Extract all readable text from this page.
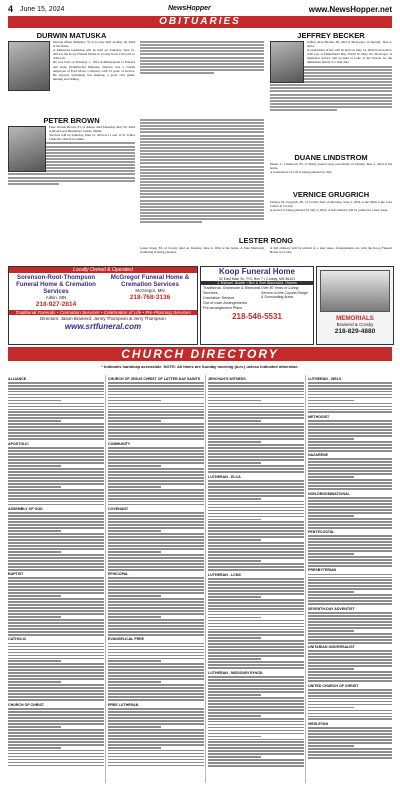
4 June 15, 2024	NewsHopper	www.NewsHopper.net
OBITUARIES
DURWIN MATUSKA

Durwin Albert Matuska, 70, of Crosby died on May 18, 2024 at his home.

A Memorial Gathering will be held on Saturday, June 15, 2024 at the Koop Funeral Home in Crosby from 1:00 p.m. to 4:00 p.m.

He was born on February 1, 1954 in Minneapolis to Edward and Irene (Kimbrecht) Matuska. Durwin was a retired employee of Ford Motor Company with 33 years of service. He enjoyed gardening, bee keeping, a good card game, hunting and fishing.

JEFFREY BECKER

Jeffrey Alan Becker, 69, died at McGregor on Sunday, June 4, 2024.

A celebration of life will be held on June 14, 2024 from 2:00 to 4:00 p.m. at Fisherman's Bay, 35195 St. Hwy. 65, McGregor. A memorial service will be held at Lake of the Woods for the immediate family at a later date.

PETER BROWN

Peter Warren Brown, 81, of Aitkin, died Thursday, May 30, 2024 at Riverwood Healthcare Center, Aitkin.

Services will be Saturday, June 15, 2024 at 11 a.m. at St. John's Lutheran Church in Aitkin.

DUANE LINDSTROM

Duane C. Lindstrom, 85, of Emily passed away peacefully on Sunday, June 2, 2024 at his home.

A Celebration of Life is being planned for July.

VERNICE GRUGRICH

Vernice M. Grugrich, 99, of Crosby died on Monday, June 3, 2024 at the Mills Lake Care Center in Crosby.

A service is being planned for July 5, 2024. A full obituary will be printed in a later issue.

LESTER RONG

Lester Rong, 83, of Crosby died on Tuesday, June 4, 2024 at his home. A June Memorial Gathering is being planned.

A full obituary will be printed in a later issue. Arrangements are with the Koop Funeral Home in Crosby.

Locally Owned & Operated
Sorenson-Root-Thompson Funeral Home & Cremation Services
Aitkin, MN
218-927-2814
McGregor Funeral Home & Cremation Services
McGregor, MN
218-768-3136
Traditional Funerals • Cremation Services • Celebration of Life • Pre-Planning Services
Directors: Jason Brainerd, Jenny Thompson & Jerry Thompson
www.srtfuneral.com
Koop Funeral Home
32 East Main St., P.O. Box 7 • Crosby, MN 56441
J. Michael, Bowler • Ben & Shel Blanchard, Owners
Traditional, Graveside & Memorial Services
Cremation Service
Out of town Arrangements
Pre-arrangement Plans
Over 80 Years of Caring Service on the Cuyuna Range & Surrounding Areas
218-546-5531	MEMORIALS
Brainerd & Crosby
218-829-4880
CHURCH DIRECTORY
* Indicates handicap accessible. NOTE: All times are Sunday morning (a.m.) unless indicated otherwise.
ALLIANCE
APOSTOLIC
ASSEMBLY OF GOD
BAPTIST
CATHOLIC
CHURCH OF CHRIST
CHURCH OF JESUS CHRIST OF LATTER-DAY SAINTS
COMMUNITY
COVENANT
EPISCOPAL
EVANGELICAL FREE
FREE LUTHERAN
JEHOVAH'S WITNESS
LUTHERAN - ELCA
LUTHERAN - LCMC
LUTHERAN - MISSOURI SYNOD
LUTHERAN - WELS
METHODIST
NAZARENE
NON-DENOMINATIONAL
PENTECOSTAL
PRESBYTERIAN
SEVENTH-DAY ADVENTIST
UNITARIAN UNIVERSALIST
UNITED CHURCH OF CHRIST
WESLEYAN
